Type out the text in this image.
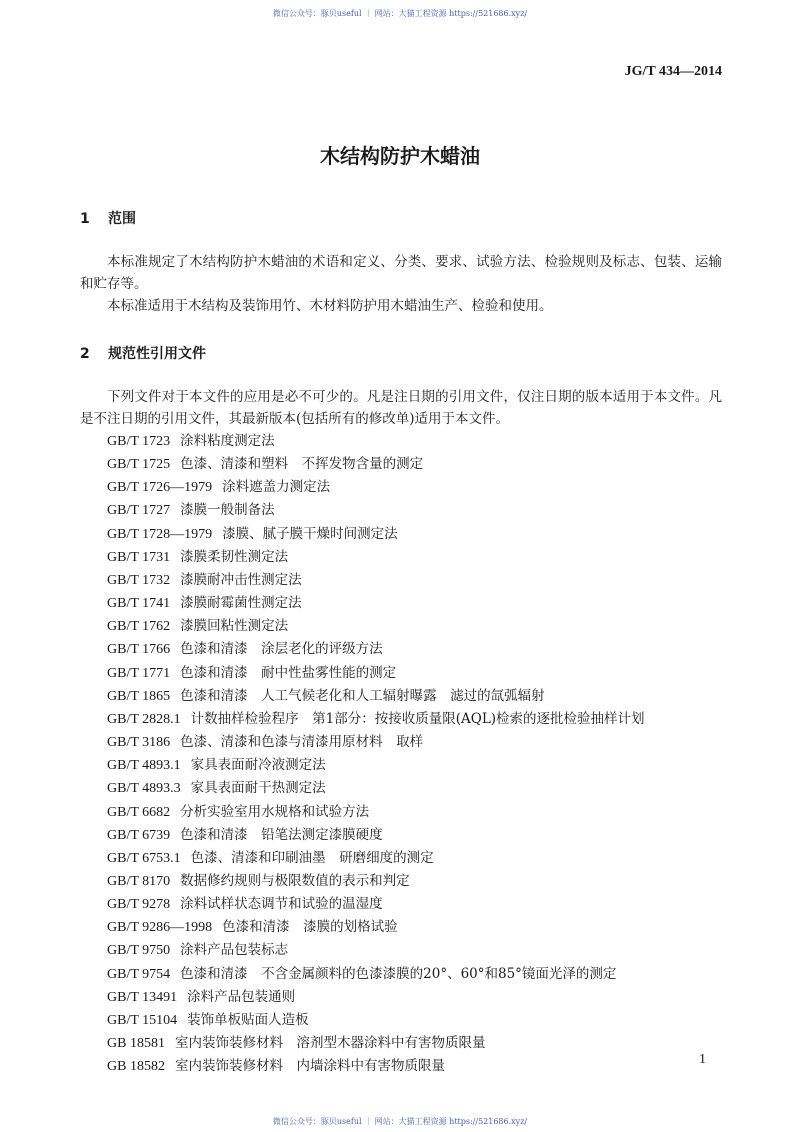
微信公众号：豚贝useful ｜ 网站：大猫工程资源 https://521686.xyz/
JG/T 434—2014
木结构防护木蜡油
1 范围
本标准规定了木结构防护木蜡油的术语和定义、分类、要求、试验方法、检验规则及标志、包装、运输和贮存等。
本标准适用于木结构及装饰用竹、木材料防护用木蜡油生产、检验和使用。
2 规范性引用文件
下列文件对于本文件的应用是必不可少的。凡是注日期的引用文件，仅注日期的版本适用于本文件。凡是不注日期的引用文件，其最新版本(包括所有的修改单)适用于本文件。
GB/T 1723 涂料粘度测定法
GB/T 1725 色漆、清漆和塑料　不挥发物含量的测定
GB/T 1726—1979 涂料遮盖力测定法
GB/T 1727 漆膜一般制备法
GB/T 1728—1979 漆膜、腻子膜干燥时间测定法
GB/T 1731 漆膜柔韧性测定法
GB/T 1732 漆膜耐冲击性测定法
GB/T 1741 漆膜耐霉菌性测定法
GB/T 1762 漆膜回粘性测定法
GB/T 1766 色漆和清漆　涂层老化的评级方法
GB/T 1771 色漆和清漆　耐中性盐雾性能的测定
GB/T 1865 色漆和清漆　人工气候老化和人工辐射曝露　滤过的氙弧辐射
GB/T 2828.1 计数抽样检验程序　第1部分：按接收质量限(AQL)检索的逐批检验抽样计划
GB/T 3186 色漆、清漆和色漆与清漆用原材料　取样
GB/T 4893.1 家具表面耐冷液测定法
GB/T 4893.3 家具表面耐干热测定法
GB/T 6682 分析实验室用水规格和试验方法
GB/T 6739 色漆和清漆　铅笔法测定漆膜硬度
GB/T 6753.1 色漆、清漆和印刷油墨　研磨细度的测定
GB/T 8170 数据修约规则与极限数值的表示和判定
GB/T 9278 涂料试样状态调节和试验的温湿度
GB/T 9286—1998 色漆和清漆　漆膜的划格试验
GB/T 9750 涂料产品包装标志
GB/T 9754 色漆和清漆　不含金属颜料的色漆漆膜的20°、60°和85°镜面光泽的测定
GB/T 13491 涂料产品包装通则
GB/T 15104 装饰单板贴面人造板
GB 18581 室内装饰装修材料　溶剂型木器涂料中有害物质限量
GB 18582 室内装饰装修材料　内墙涂料中有害物质限量	1
微信公众号：豚贝useful ｜ 网站：大猫工程资源 https://521686.xyz/
